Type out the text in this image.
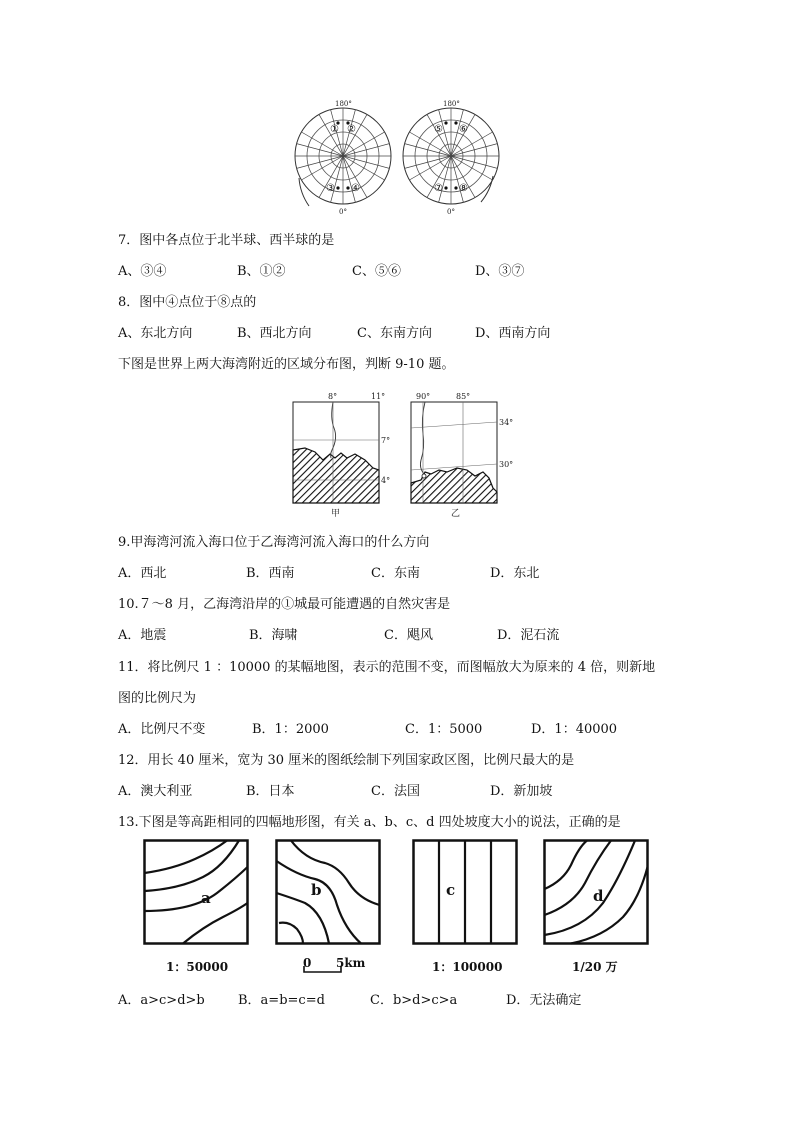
180°
0°
180°
0°
① ②
③ ④
⑤ ⑥
⑦ ⑧
7．图中各点位于北半球、西半球的是
A、③④	B、①②	C、⑤⑥	D、③⑦
8．图中④点位于⑧点的
A、东北方向	B、西北方向	C、东南方向	D、西南方向
下图是世界上两大海湾附近的区域分布图，判断 9-10 题。
8°	11°
7°
4°
甲
90°	85°
34°
30°
乙
9.甲海湾河流入海口位于乙海湾河流入海口的什么方向
A．西北	B．西南	C．东南	D．东北
10.７～8 月，乙海湾沿岸的①城最可能遭遇的自然灾害是
A．地震	B．海啸	C．飓风	D．泥石流
11．将比例尺 1 ：10000 的某幅地图，表示的范围不变，而图幅放大为原来的 4 倍，则新地
图的比例尺为
A．比例尺不变	B．1：2000	C．1：5000	D．1：40000
12．用长 40 厘米，宽为 30 厘米的图纸绘制下列国家政区图，比例尺最大的是
A．澳大利亚	B．日本	C．法国	D．新加坡
13.下图是等高距相同的四幅地形图，有关 a、b、c、d 四处坡度大小的说法，正确的是
a
1：50000
b
0 5km
c
1：100000
d
1/20 万
A．a>c>d>b	B．a=b=c=d	C．b>d>c>a	D．无法确定
